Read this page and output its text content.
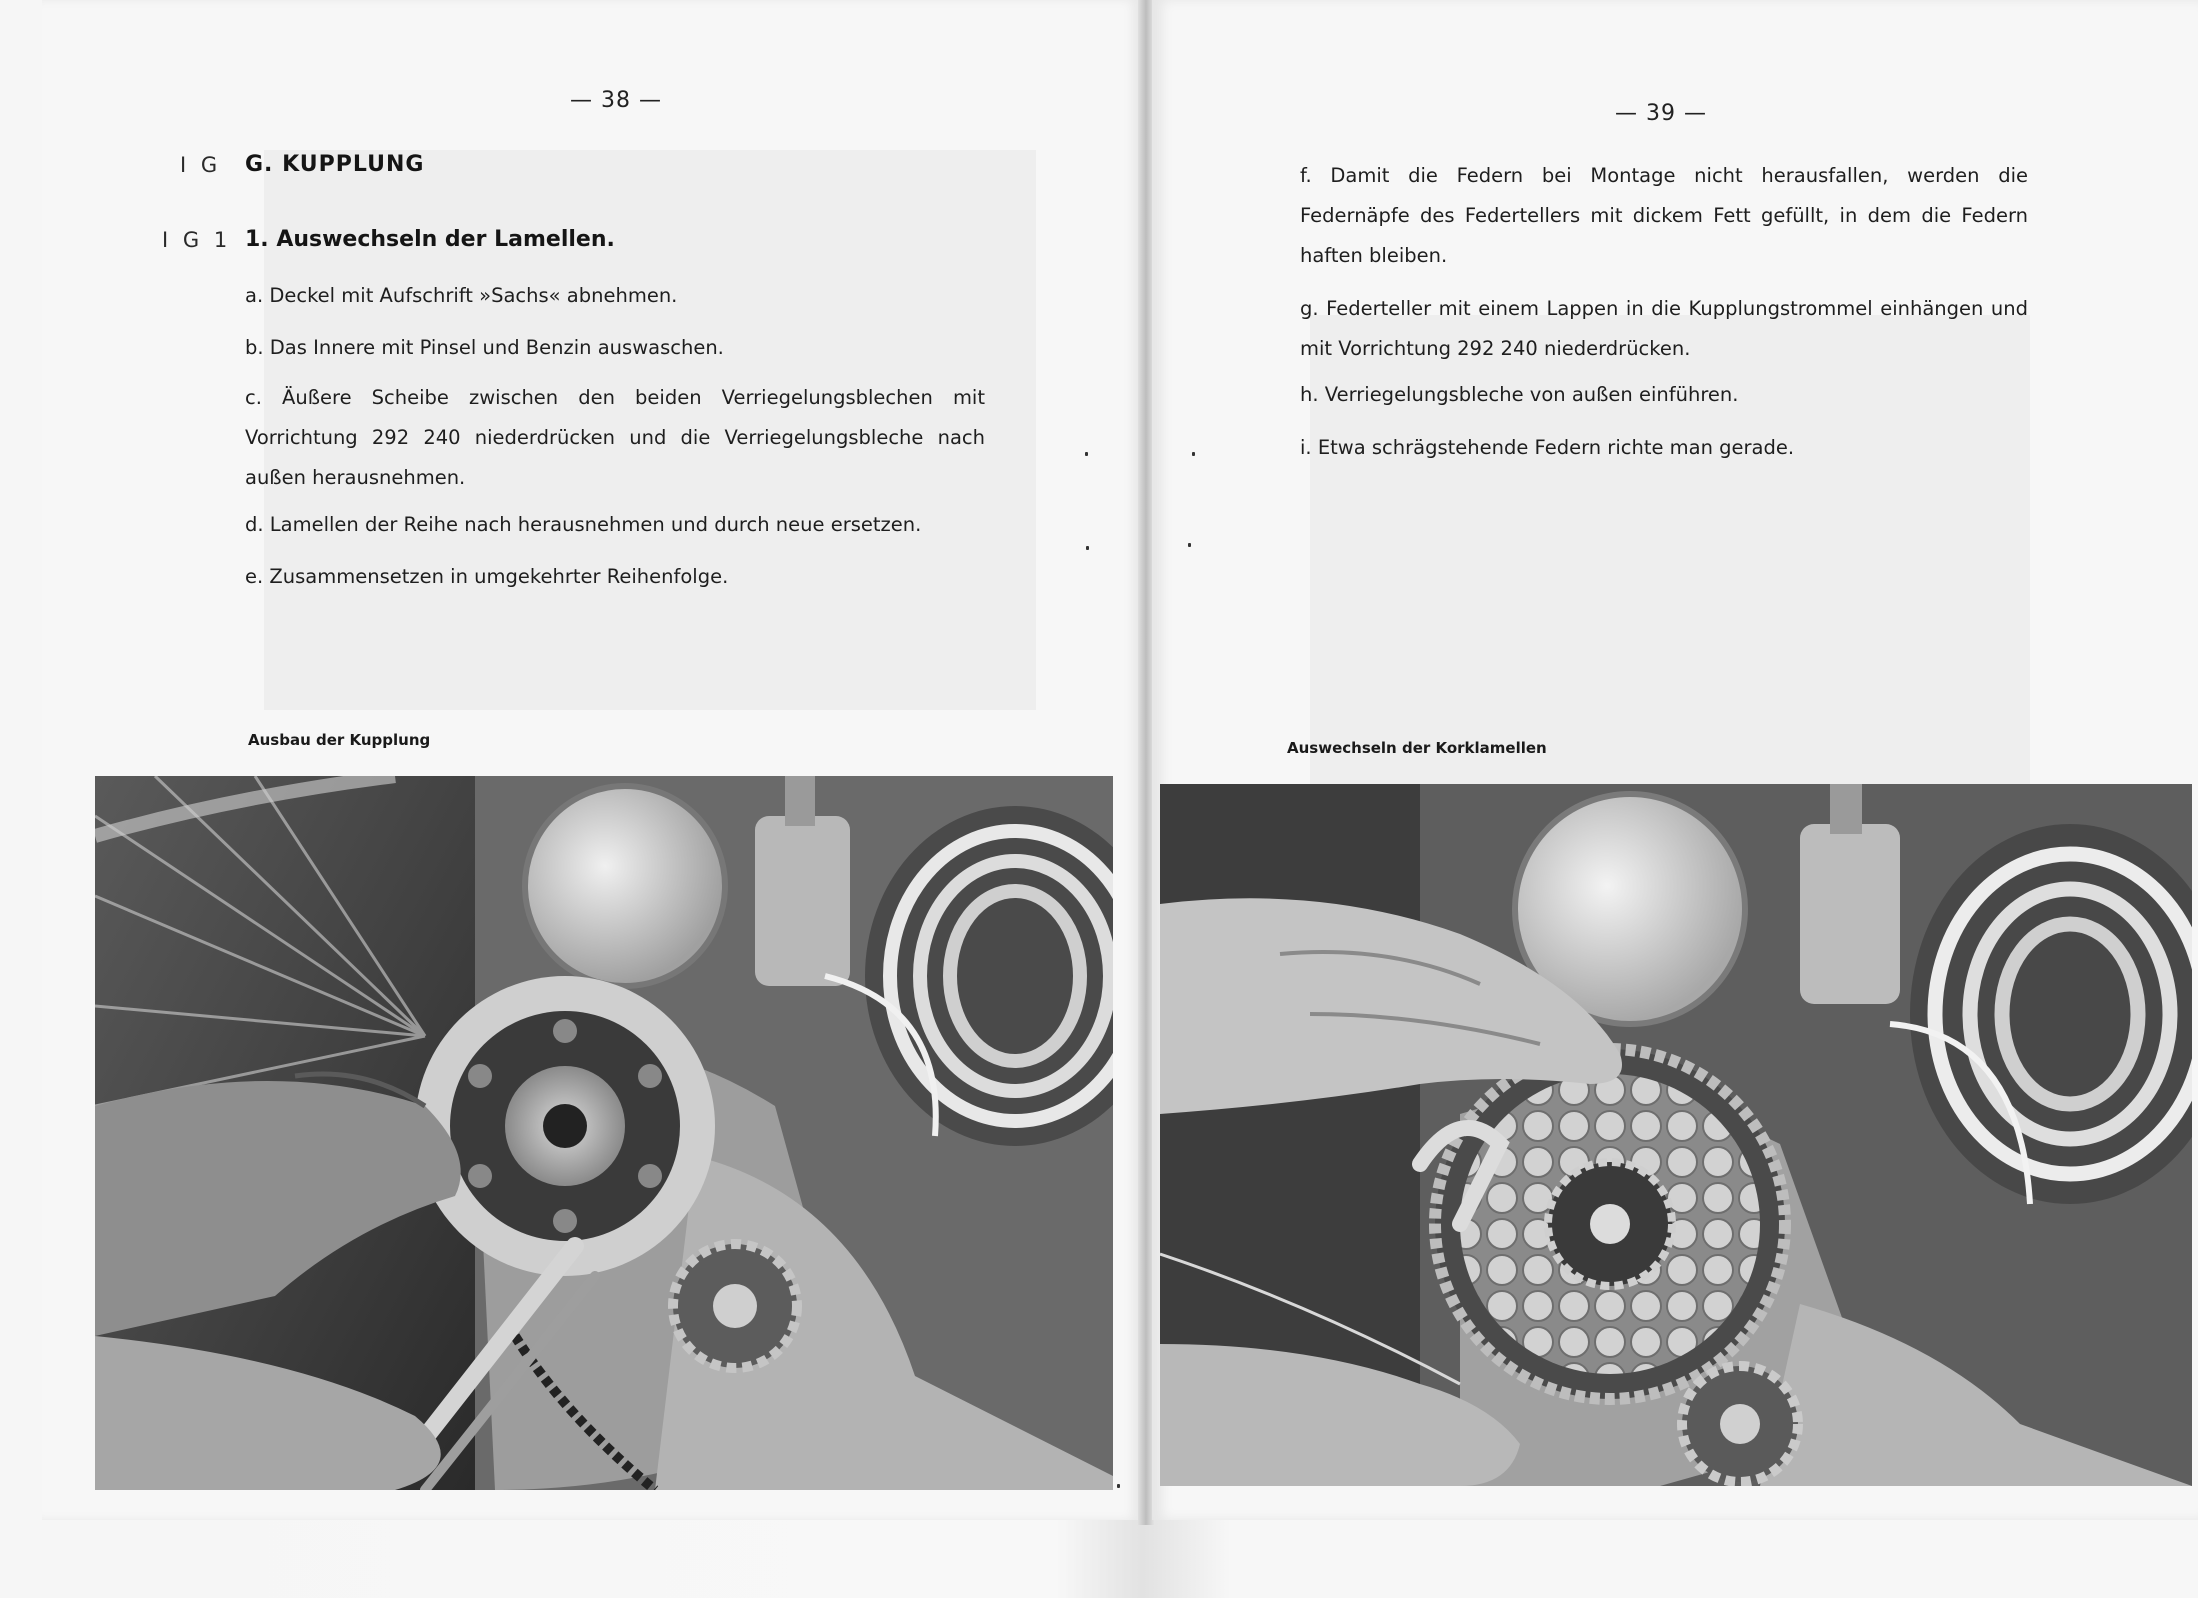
— 38 —
I G G. KUPPLUNG
I G 1 1. Auswechseln der Lamellen.
a. Deckel mit Aufschrift »Sachs« abnehmen.
b. Das Innere mit Pinsel und Benzin auswaschen.
c. Äußere Scheibe zwischen den beiden Verriegelungsblechen mit Vorrichtung 292 240 niederdrücken und die Verriegelungsbleche nach außen herausnehmen.
d. Lamellen der Reihe nach herausnehmen und durch neue ersetzen.
e. Zusammensetzen in umgekehrter Reihenfolge.
Ausbau der Kupplung
— 39 —
f. Damit die Federn bei Montage nicht herausfallen, werden die Federnäpfe des Federtellers mit dickem Fett gefüllt, in dem die Federn haften bleiben.
g. Federteller mit einem Lappen in die Kupplungstrommel einhängen und mit Vorrichtung 292 240 niederdrücken.
h. Verriegelungsbleche von außen einführen.
i. Etwa schrägstehende Federn richte man gerade.
Auswechseln der Korklamellen
